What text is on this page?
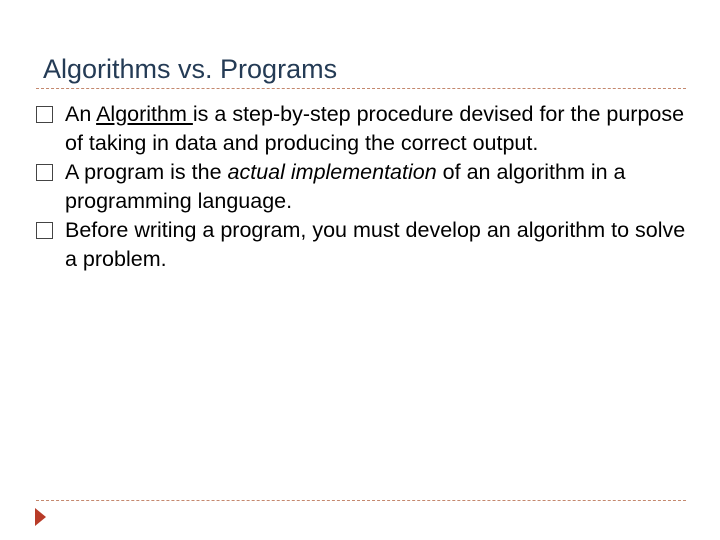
Algorithms vs. Programs
An Algorithm is a step-by-step procedure devised for the purpose of taking in data and producing the correct output.
A program is the actual implementation of an algorithm in a programming language.
Before writing a program, you must develop an algorithm to solve a problem.
